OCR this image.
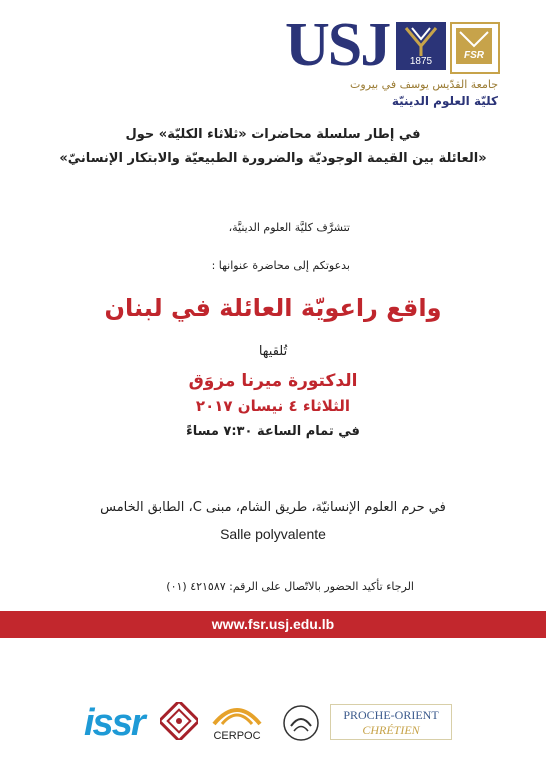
USJ	1875
FSR
جامعة القدّيس يوسف في بيروت
كليّة العلوم الدينيّة
في إطار سلسلة محاضرات «ثلاثاء الكليّة» حول
«العائلة بين القيمة الوجوديّة والضرورة الطبيعيّة والابتكار الإنسانيّ»
تتشرَّف كليَّة العلوم الدينيَّة،
بدعوتكم إلى محاضرة عنوانها :
واقع راعويّة العائلة في لبنان
تُلقيها
الدكتورة ميرنا مزوَق
الثلاثاء ٤ نيسان ٢٠١٧
في تمام الساعة ٧:٣٠ مساءً
في حرم العلوم الإنسانيّة، طريق الشام، مبنى C، الطابق الخامس
Salle polyvalente
الرجاء تأكيد الحضور بالاتّصال على الرقم: ٤٢١٥٨٧ (٠١)
www.fsr.usj.edu.lb
issr	CERPOC
PROCHE-ORIENT
CHRÉTIEN
